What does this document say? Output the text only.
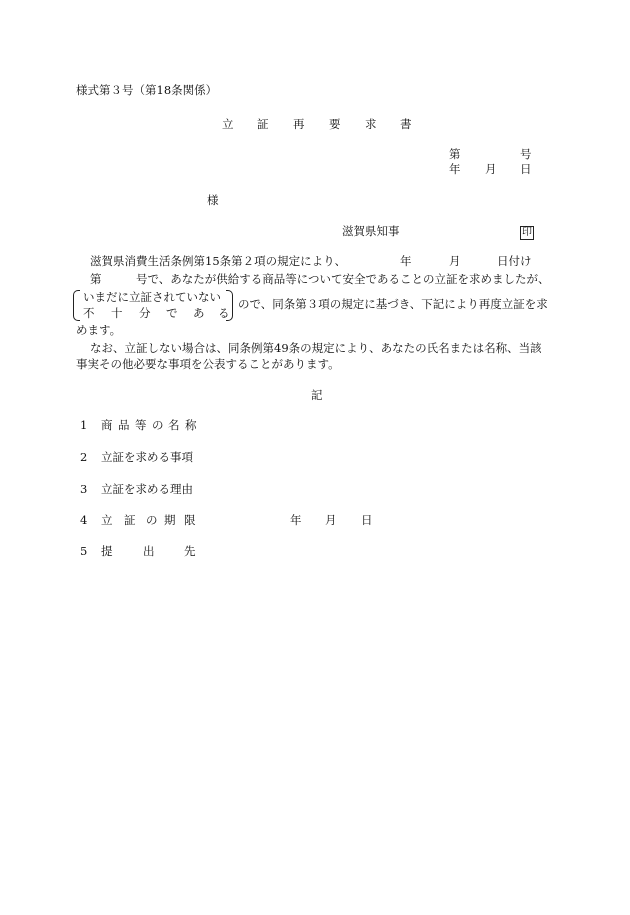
様式第３号（第18条関係）
立 証 再 要 求 書
第	号
年 月 日
様
滋賀県知事	印
滋賀県消費生活条例第15条第２項の規定により、	年	月	日付け
第	号で、あなたが供給する商品等について安全であることの立証を求めましたが、
いまだに立証されていない
不 十 分 で あ る
ので、同条第３項の規定に基づき、下記により再度立証を求
めます。
なお、立証しない場合は、同条例第49条の規定により、あなたの氏名または名称、当該
事実その他必要な事項を公表することがあります。
記
1 商 品 等 の 名 称
2 立証を求める事項
3 立証を求める理由
4 立 証 の 期 限	年 月 日
5 提	出	先
